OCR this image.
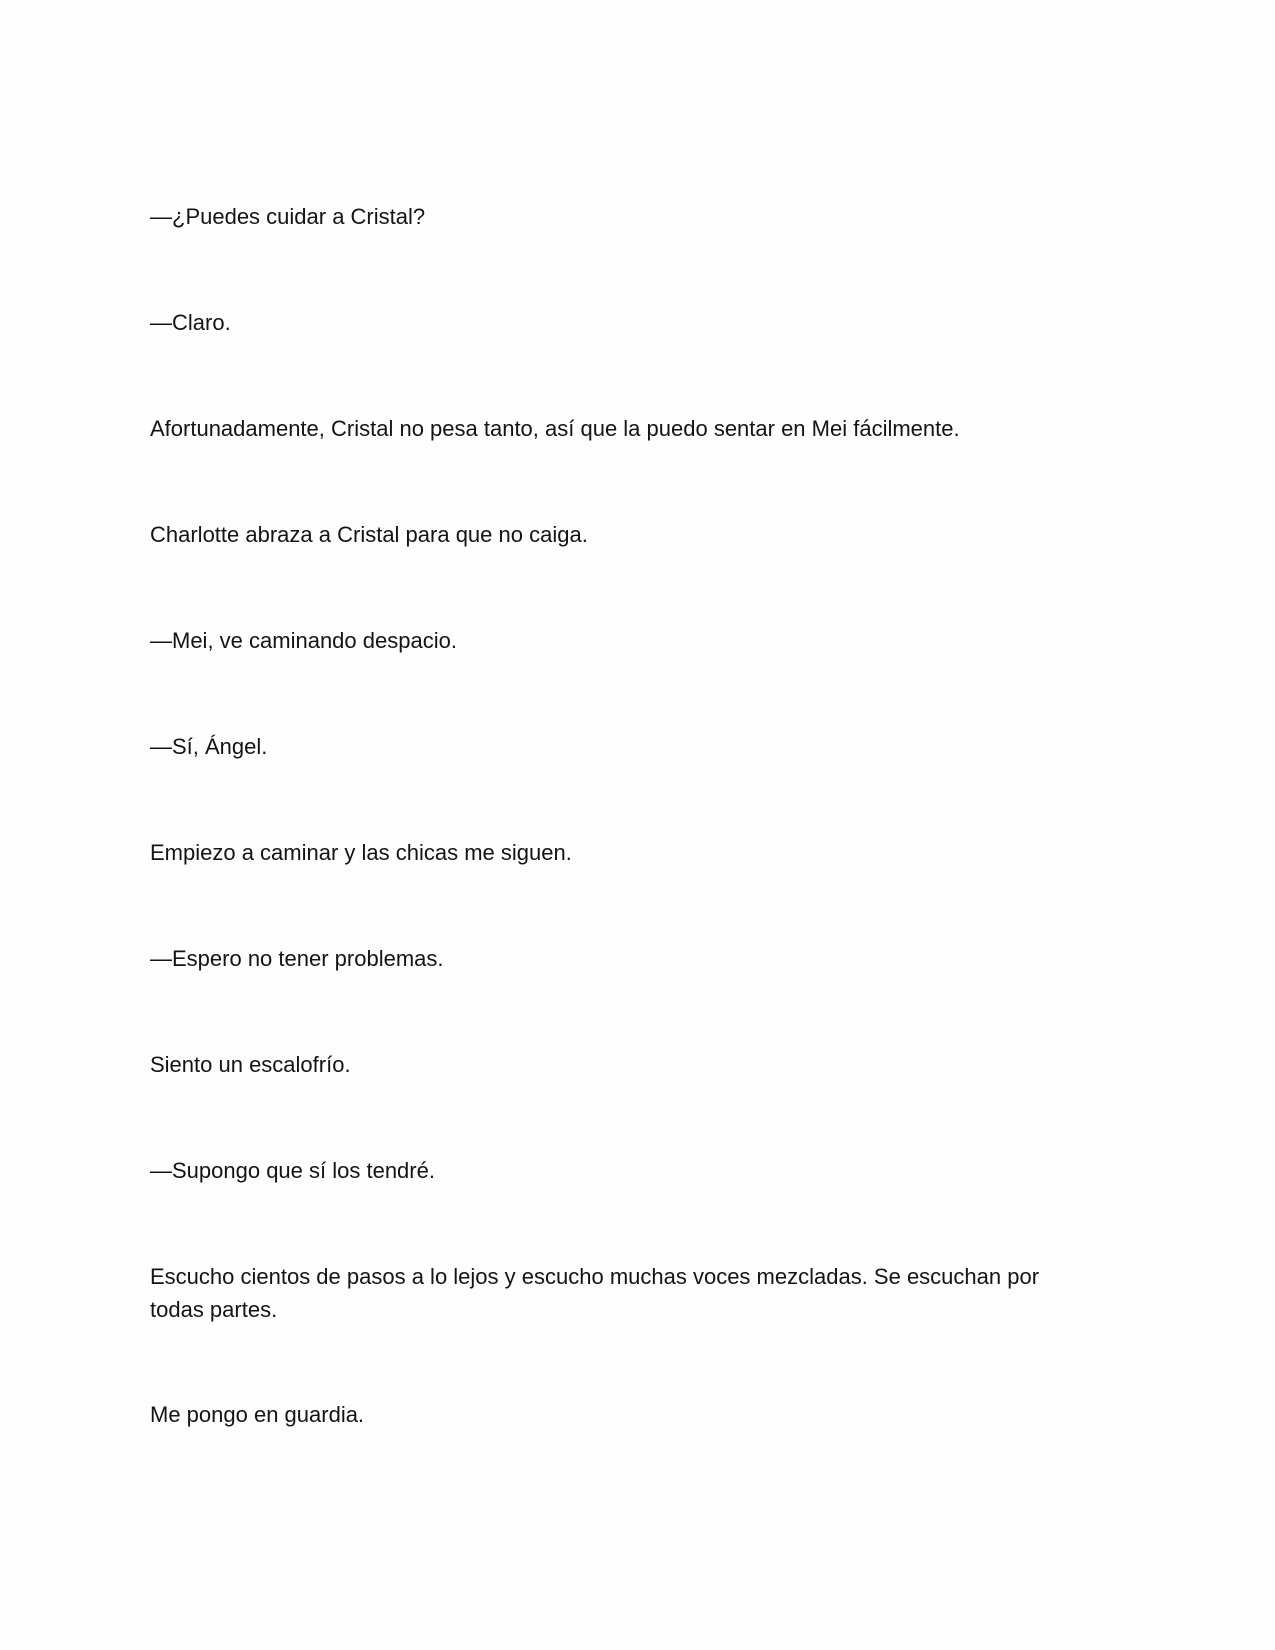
—¿Puedes cuidar a Cristal?

—Claro.

Afortunadamente, Cristal no pesa tanto, así que la puedo sentar en Mei fácilmente.

Charlotte abraza a Cristal para que no caiga.

—Mei, ve caminando despacio.

—Sí, Ángel.

Empiezo a caminar y las chicas me siguen.

—Espero no tener problemas.

Siento un escalofrío.

—Supongo que sí los tendré.

Escucho cientos de pasos a lo lejos y escucho muchas voces mezcladas. Se escuchan por todas partes.

Me pongo en guardia.
